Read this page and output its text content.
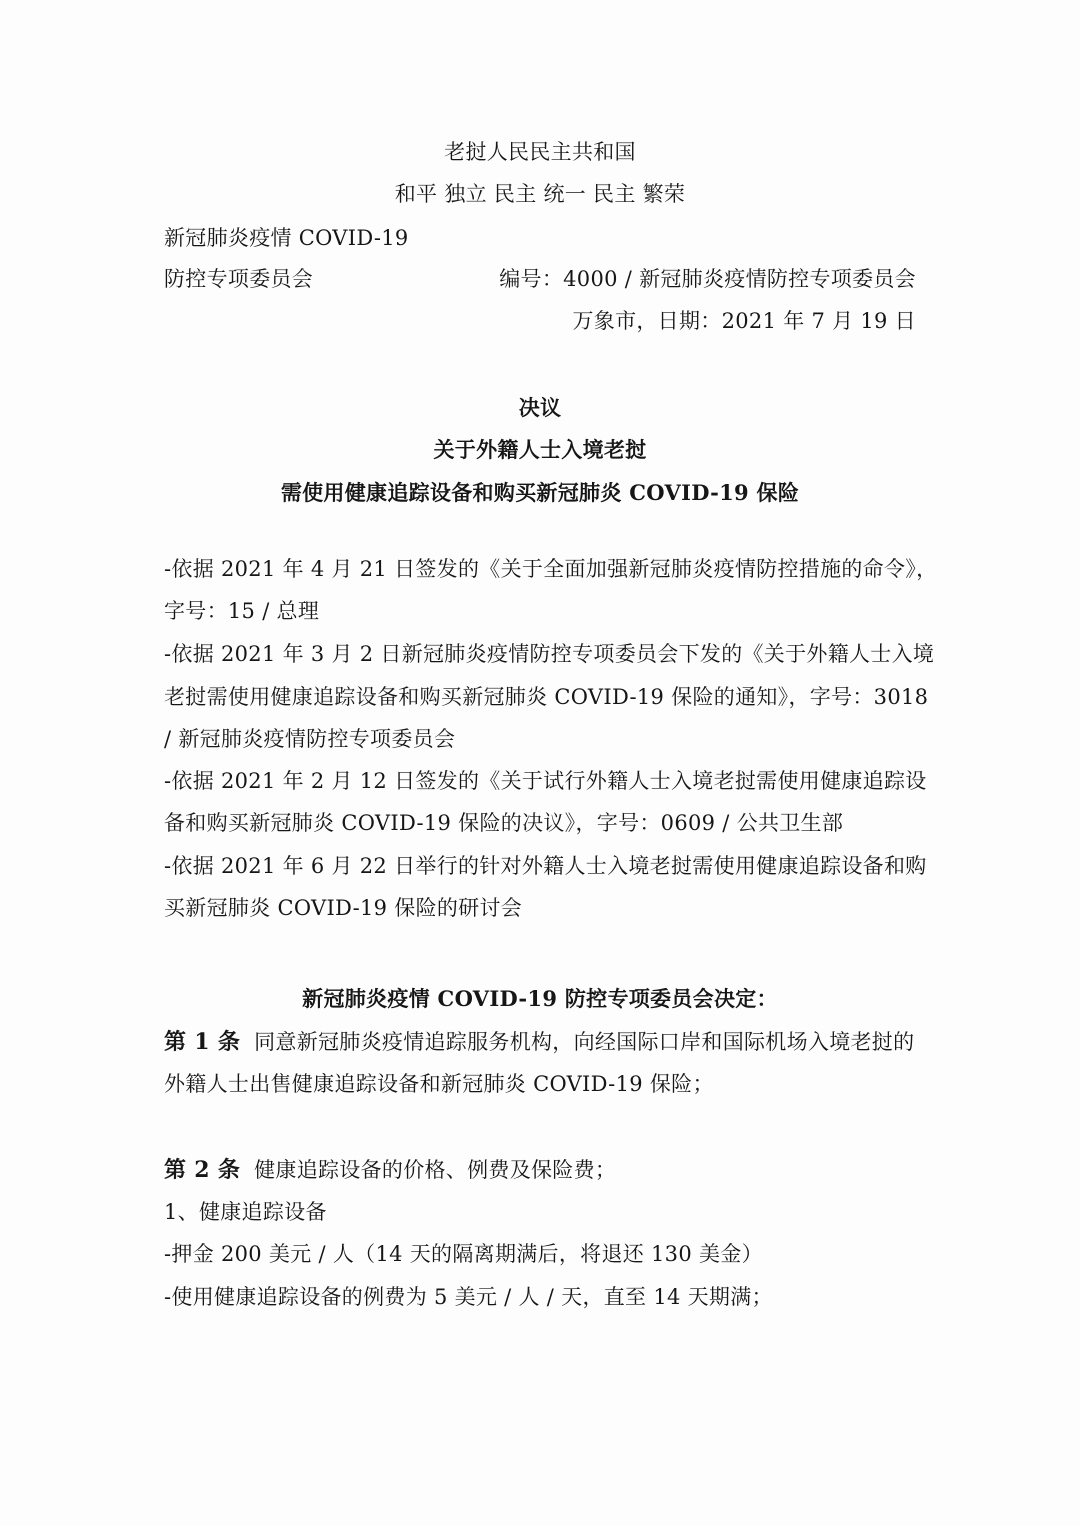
老挝人民民主共和国
和平 独立 民主 统一 民主 繁荣
新冠肺炎疫情 COVID-19
防控专项委员会	编号：4000 / 新冠肺炎疫情防控专项委员会
万象市，日期：2021 年 7 月 19 日
决议
关于外籍人士入境老挝
需使用健康追踪设备和购买新冠肺炎 COVID-19 保险
-依据 2021 年 4 月 21 日签发的《关于全面加强新冠肺炎疫情防控措施的命令》，
字号：15 / 总理
-依据 2021 年 3 月 2 日新冠肺炎疫情防控专项委员会下发的《关于外籍人士入境
老挝需使用健康追踪设备和购买新冠肺炎 COVID-19 保险的通知》，字号：3018
/ 新冠肺炎疫情防控专项委员会
-依据 2021 年 2 月 12 日签发的《关于试行外籍人士入境老挝需使用健康追踪设
备和购买新冠肺炎 COVID-19 保险的决议》，字号：0609 / 公共卫生部
-依据 2021 年 6 月 22 日举行的针对外籍人士入境老挝需使用健康追踪设备和购
买新冠肺炎 COVID-19 保险的研讨会
新冠肺炎疫情 COVID-19 防控专项委员会决定：
第 1 条 同意新冠肺炎疫情追踪服务机构，向经国际口岸和国际机场入境老挝的
外籍人士出售健康追踪设备和新冠肺炎 COVID-19 保险；
第 2 条 健康追踪设备的价格、例费及保险费；
1、健康追踪设备
-押金 200 美元 / 人（14 天的隔离期满后，将退还 130 美金）
-使用健康追踪设备的例费为 5 美元 / 人 / 天，直至 14 天期满；
